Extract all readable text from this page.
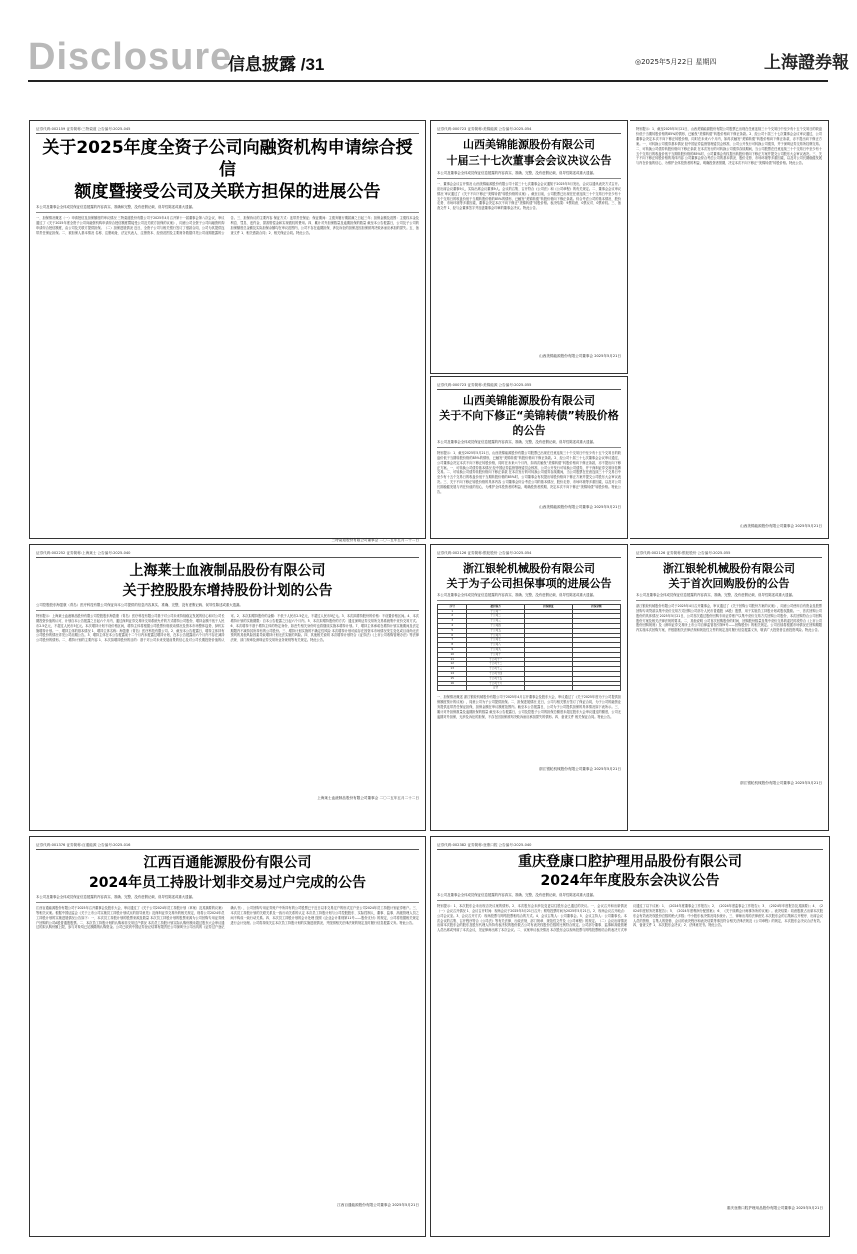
Disclosure
信息披露 /31	◎2025年5月22日 星期四	上海證券報
证券代码:002159 证券简称:三特索道 公告编号:2025-045
关于2025年度全资子公司向融资机构申请综合授信
额度暨接受公司及关联方担保的进展公告
本公司及董事会全体成员保证信息披露的内容真实、准确和完整，没有虚假记载、误导性陈述或重大遗漏。
一、担保情况概述（一）申请授信及担保额度的审议情况 三特索道股份有限公司于2025年4月召开第十一届董事会第八次会议，审议通过了《关于2025年度全资子公司向融资机构申请综合授信额度暨接受公司及关联方担保的议案》，同意公司全资子公司向融资机构申请综合授信额度，由公司及关联方提供担保。（二）担保进展情况 近日，全资子公司与相关银行签订了借款合同，公司为其提供连带责任保证担保。二、被担保人基本情况 名称、注册地址、法定代表人、注册资本、经营范围及主要财务数据详见公司前期披露的公告。三、担保协议的主要内容 保证方式：连带责任保证；保证期间：主债务履行期届满之日起三年；担保金额及范围：主债权本金及利息、罚息、违约金、损害赔偿金和实现债权的费用。四、累计对外担保数量及逾期担保的数量 截至本公告披露日，公司及子公司的担保额度总金额及实际担保余额均在审议范围内，公司不存在逾期担保、涉及诉讼的担保及因担保被判决败诉而应承担的损失。五、备查文件 1、相关借款合同；2、相关保证合同。特此公告。
三特索道股份有限公司董事会 二〇二五年五月二十二日
证券代码:002252 证券简称:上海莱士 公告编号:2025-040
上海莱士血液制品股份有限公司
关于控股股东增持股份计划的公告
公司控股股东海盈康（青岛）医疗科技有限公司保证向本公司提供的信息内容真实、准确、完整，没有虚假记载、误导性陈述或重大遗漏。
特别提示：上海莱士血液制品股份有限公司控股股东海盈康（青岛）医疗科技有限公司基于对公司未来持续稳定发展的信心和对公司长期投资价值的认可，计划自本公告披露之日起六个月内，通过深圳证券交易所交易系统允许的方式增持公司股份，增持金额不低于人民币2.5亿元，不超过人民币5亿元。本次增持计划不设价格区间，增持主体将根据公司股票价格波动情况及资本市场整体趋势，择机实施增持计划。一、增持主体的基本情况 1、增持主体名称：海盈康（青岛）医疗科技有限公司。2、截至本公告披露日，增持主体持有公司股份的情况详见公司前期公告。3、增持主体在本公告披露前十二个月内未披露过增持计划，在本公告披露前六个月内不存在减持公司股份的情形。二、增持计划的主要内容 1、本次拟增持股份的目的：基于对公司未来发展前景的信心及对公司长期投资价值的认可。2、本次拟增持股份的金额：不低于人民币2.5亿元，不超过人民币5亿元。3、本次拟增持股份的价格：不设置价格区间。4、本次增持计划的实施期限：自本公告披露之日起六个月内。5、本次拟增持股份的方式：通过深圳证券交易所交易系统集中竞价交易方式。6、本次增持不基于增持主体的特定身份，如丧失相关身份时也将继续实施本增持计划。7、增持主体承诺在增持计划实施期间及法定期限内不减持其所持有的公司股份。三、增持计划实施的不确定性风险 本次增持计划可能存在因资本市场情况发生变化或目前尚无法预判的其他风险因素导致增持计划无法实施的风险。四、其他相关说明 本次增持计划符合《证券法》《上市公司收购管理办法》等法律法规、部门规章及深圳证券交易所业务规则等有关规定。特此公告。
上海莱士血液制品股份有限公司董事会 二〇二五年五月二十二日
证券代码:001376 证券简称:百通能源 公告编号:2025-016
江西百通能源股份有限公司
2024年员工持股计划非交易过户完成的公告
本公司及董事会全体成员保证信息披露的内容真实、准确、完整，没有虚假记载、误导性陈述或重大遗漏。
江西百通能源股份有限公司于2025年召开董事会及股东大会，审议通过了《关于公司2024年员工持股计划（草案）及其摘要的议案》等相关议案。根据中国证监会《关于上市公司实施员工持股计划试点的指导意见》及深圳证券交易所的相关规定，现将公司2024年员工持股计划的实施进展情况公告如下：一、本次员工持股计划的股票来源及数量 本次员工持股计划的股票来源为公司回购专用证券账户回购的公司A股普通股股票。二、本次员工持股计划的认购和非交易过户情况 本次员工持股计划实际认购份额未超过股东大会审议通过的拟认购份额上限，参与对象均已足额缴纳认购资金。公司已收到中国证券登记结算有限责任公司深圳分公司出具的《证券过户登记确认书》，公司回购专用证券账户中所持有的公司股票已于近日以非交易过户的形式过户至公司2024年员工持股计划证券账户。三、本次员工持股计划的关联关系及一致行动关系的认定 本次员工持股计划与公司控股股东、实际控制人、董事、监事、高级管理人员之间不构成一致行动关系。四、本次员工持股计划的会计处理 按照《企业会计准则第11号——股份支付》的规定，公司将依据相关规定进行会计处理。公司将持续关注本次员工持股计划的实施进展情况，并按照相关法律法规的规定及时履行信息披露义务。特此公告。
江西百通能源股份有限公司董事会 2025年5月21日
证券代码:000723 证券简称:美锦能源 公告编号:2025-054
山西美锦能源股份有限公司
十届三十七次董事会会议决议公告
本公司及董事会全体成员保证信息披露的内容真实、准确、完整，没有虚假记载、误导性陈述或重大遗漏。
一、董事会会议召开情况 山西美锦能源股份有限公司十届三十七次董事会会议通知于2025年5月发出，会议以通讯表决方式召开。应出席会议董事9人，实际出席会议董事9人。会议的召集、召开符合《公司法》和《公司章程》的有关规定。二、董事会会议审议情况 审议通过了《关于不向下修正“美锦转债”转股价格的议案》。截至目前，公司股票已出现在任意连续三十个交易日中至少有十五个交易日的收盘价低于当期转股价格的85%的情形，已触发“美锦转债”转股价格向下修正条款。综合考虑公司的基本情况、股价走势、市场环境等多重因素，董事会决定本次不向下修正“美锦转债”转股价格。表决结果：9票同意、0票反对、0票弃权。三、备查文件 1、经与会董事签字并加盖董事会印章的董事会决议。特此公告。
山西美锦能源股份有限公司董事会 2025年5月21日
证券代码:000723 证券简称:美锦能源 公告编号:2025-055
山西美锦能源股份有限公司
关于不向下修正“美锦转债”转股价格
的公告
本公司及董事会全体成员保证信息披露的内容真实、准确、完整，没有虚假记载、误导性陈述或重大遗漏。
特别提示：1、截至2025年5月21日，山西美锦能源股份有限公司股票已出现在任意连续三十个交易日中至少有十五个交易日的收盘价低于当期转股价格的85%的情形，已触发“美锦转债”转股价格向下修正条款。2、经公司十届三十七次董事会会议审议通过，公司董事会决定本次不向下修正转股价格，同时在未来六个月内，如再次触发“美锦转债”转股价格向下修正条款，亦不提出向下修正方案。一、可转换公司债券基本情况 经中国证券监督管理委员会核准，公司公开发行可转换公司债券，并于深圳证券交易所挂牌交易。二、可转换公司债券转股价格向下修正条款 在本次发行的可转换公司债券存续期间，当公司股票在任意连续三十个交易日中至少有十五个交易日的收盘价低于当期转股价格的85%时，公司董事会有权提出转股价格向下修正方案并提交公司股东大会审议表决。三、关于不向下修正转股价格的具体内容 公司董事会综合考虑公司的基本情况、股价走势、市场环境等多重因素，以及对公司长期稳健发展与内在价值的信心，为维护全体投资者的利益，明确投资者预期，决定本次不向下修正“美锦转债”转股价格。特此公告。
山西美锦能源股份有限公司董事会 2025年5月21日
特别提示：1、截至2025年5月21日，山西美锦能源股份有限公司股票已出现在任意连续三十个交易日中至少有十五个交易日的收盘价低于当期转股价格的85%的情形，已触发“美锦转债”转股价格向下修正条款。2、经公司十届三十七次董事会会议审议通过，公司董事会决定本次不向下修正转股价格，同时在未来六个月内，如再次触发“美锦转债”转股价格向下修正条款，亦不提出向下修正方案。一、可转换公司债券基本情况 经中国证券监督管理委员会核准，公司公开发行可转换公司债券，并于深圳证券交易所挂牌交易。二、可转换公司债券转股价格向下修正条款 在本次发行的可转换公司债券存续期间，当公司股票在任意连续三十个交易日中至少有十五个交易日的收盘价低于当期转股价格的85%时，公司董事会有权提出转股价格向下修正方案并提交公司股东大会审议表决。三、关于不向下修正转股价格的具体内容 公司董事会综合考虑公司的基本情况、股价走势、市场环境等多重因素，以及对公司长期稳健发展与内在价值的信心，为维护全体投资者的利益，明确投资者预期，决定本次不向下修正“美锦转债”转股价格。特此公告。
山西美锦能源股份有限公司董事会 2025年5月21日
证券代码:002126 证券简称:银轮股份 公告编号:2025-054
浙江银轮机械股份有限公司
关于为子公司担保事项的进展公告
本公司及董事会全体成员保证信息披露的内容真实、准确、完整，没有虚假记载、误导性陈述或重大遗漏。
序号	被担保方	担保额度	担保余额
1	子公司一		
2	子公司二		
3	子公司三		
4	子公司四		
5	子公司五		
6	子公司六		
7	子公司七		
8	子公司八		
9	子公司九		
10	子公司十		
11	子公司十一		
12	子公司十二		
13	子公司十三		
14	子公司十四		
15	子公司十五		
16	子公司十六		
	合计		
一、担保情况概述 浙江银轮机械股份有限公司于2025年4月召开董事会及股东大会，审议通过了《关于2025年度为子公司提供担保额度预计的议案》，同意公司为子公司提供担保。二、担保进展情况 近日，公司与相关银行签订了保证合同，为子公司的融资业务提供连带责任保证担保，担保金额在审议额度范围内。截至本公告披露日，公司为子公司提供担保的具体情况如下表所示。三、累计对外担保数量及逾期担保的数量 截至本公告披露日，公司及控股子公司的担保总额度未超过股东大会审议通过的额度，公司无逾期对外担保，无涉及诉讼的担保，不存在因担保被判决败诉而应承担损失的情形。四、备查文件 相关保证合同。特此公告。
浙江银轮机械股份有限公司董事会 2025年5月21日
证券代码:002126 证券简称:银轮股份 公告编号:2025-055
浙江银轮机械股份有限公司
关于首次回购股份的公告
本公司及董事会全体成员保证信息披露的内容真实、准确、完整，没有虚假记载、误导性陈述或重大遗漏。
浙江银轮机械股份有限公司于2025年4月召开董事会，审议通过了《关于回购公司股份方案的议案》，同意公司使用自有资金及股票回购专项贷款以集中竞价交易方式回购公司部分人民币普通股（A股）股票，用于实施员工持股计划或股权激励。一、首次回购公司股份的具体情况 2025年5月21日，公司首次通过股份回购专用证券账户以集中竞价交易方式回购公司股份，本次回购符合公司回购股份方案及相关法律法规的要求。二、其他说明 公司首次回购股份的时间、回购股份数量及集中竞价交易的委托时段符合《上市公司股份回购规则》及《深圳证券交易所上市公司自律监管指引第9号——回购股份》的相关规定。公司后续将根据市场情况在回购期限内实施本次回购方案，并根据相关法律法规和规范性文件的规定及时履行信息披露义务，敬请广大投资者注意投资风险。特此公告。
浙江银轮机械股份有限公司董事会 2025年5月21日
证券代码:002382 证券简称:登康口腔 公告编号:2025-040
重庆登康口腔护理用品股份有限公司
2024年年度股东会决议公告
本公司及董事会全体成员保证信息披露的内容真实、准确、完整，没有虚假记载、误导性陈述或重大遗漏。
特别提示：1、本次股东会未出现否决议案的情形。2、本次股东会未涉及变更以往股东会已通过的决议。一、会议召开和出席情况（一）会议召开情况 1、会议召开时间：现场会议于2025年5月21日召开；网络投票时间为2025年5月21日。2、现场会议召开地点：公司会议室。3、会议召开方式：现场投票与网络投票相结合的方式。4、会议召集人：公司董事会。5、会议主持人：公司董事长。本次会议的召集、召开程序符合《公司法》等有关法律、行政法规、部门规章、规范性文件及《公司章程》的规定。（二）会议出席情况 出席本次股东会的股东及股东代理人所持有表决权的股份数占公司有表决权股份总数的比例符合规定。公司部分董事、监事和高级管理人员出席或列席了本次会议，见证律师出席了本次会议。二、议案审议表决情况 本次股东会以现场投票与网络投票相结合的表决方式审议通过了以下议案：1、《2024年度董事会工作报告》；2、《2024年度监事会工作报告》；3、《2024年年度报告及其摘要》；4、《2024年度财务决算报告》；5、《2024年度利润分配预案》；6、《关于续聘会计师事务所的议案》。表决结果：同意股数占出席本次股东会有效表决权股份总数的绝大多数；中小股东表决情况同步统计。三、律师出具的法律意见 本次股东会的召集和召开程序、出席会议人员的资格、召集人的资格、会议的表决程序和表决结果等事宜符合相关法律法规及《公司章程》的规定，本次股东会决议合法有效。四、备查文件 1、本次股东会决议；2、法律意见书。特此公告。
重庆登康口腔护理用品股份有限公司董事会 2025年5月21日
